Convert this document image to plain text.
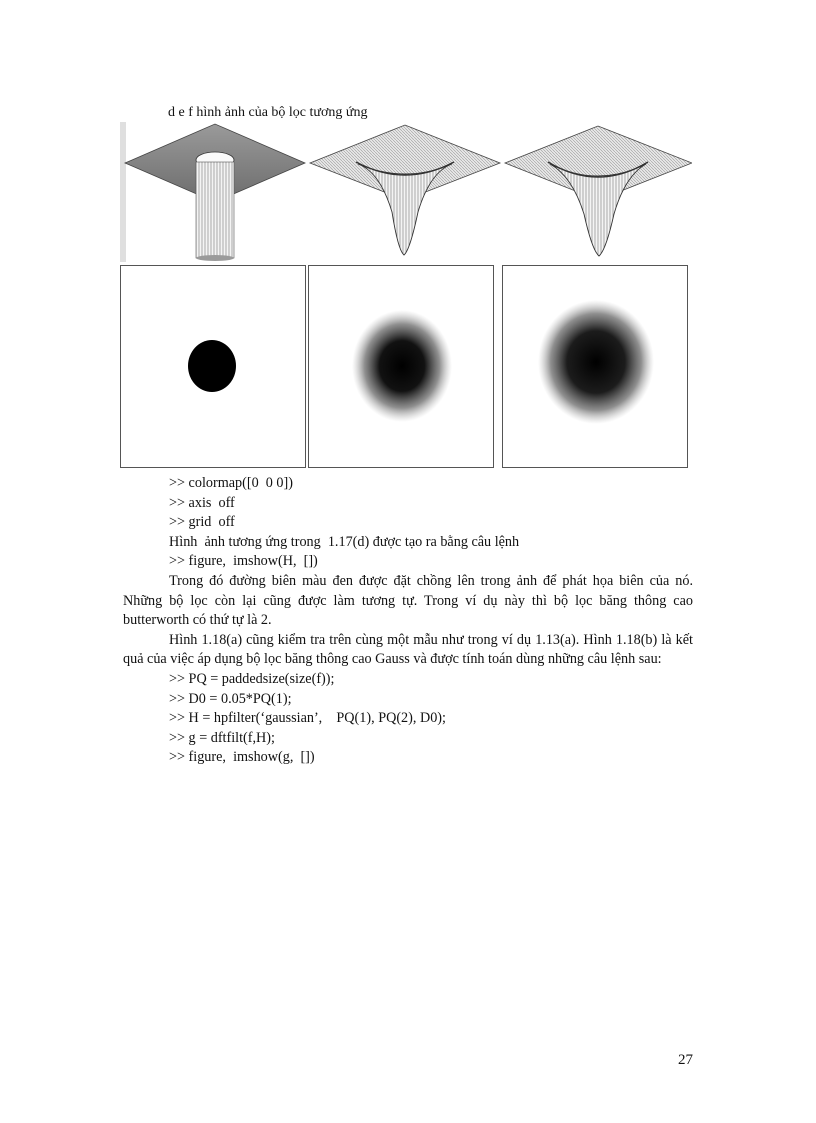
d e f hình ảnh của bộ lọc tương ứng
>> colormap([0  0 0])
>> axis  off
>> grid  off
Hình  ảnh tương ứng trong  1.17(d) được tạo ra bằng câu lệnh
>> figure,  imshow(H,  [])
Trong đó đường biên màu đen được đặt chồng lên trong ảnh để phát họa biên của nó. Những bộ lọc còn lại cũng được làm tương tự. Trong ví dụ này thì bộ lọc băng thông cao butterworth có thứ tự là 2.
Hình 1.18(a) cũng kiểm tra trên cùng một mẫu như trong ví dụ 1.13(a). Hình 1.18(b) là kết quả của việc áp dụng bộ lọc băng thông cao Gauss và được tính toán dùng những câu lệnh sau:
>> PQ = paddedsize(size(f));
>> D0 = 0.05*PQ(1);
>> H = hpfilter(‘gaussian’,    PQ(1), PQ(2), D0);
>> g = dftfilt(f,H);
>> figure,  imshow(g,  [])
27
